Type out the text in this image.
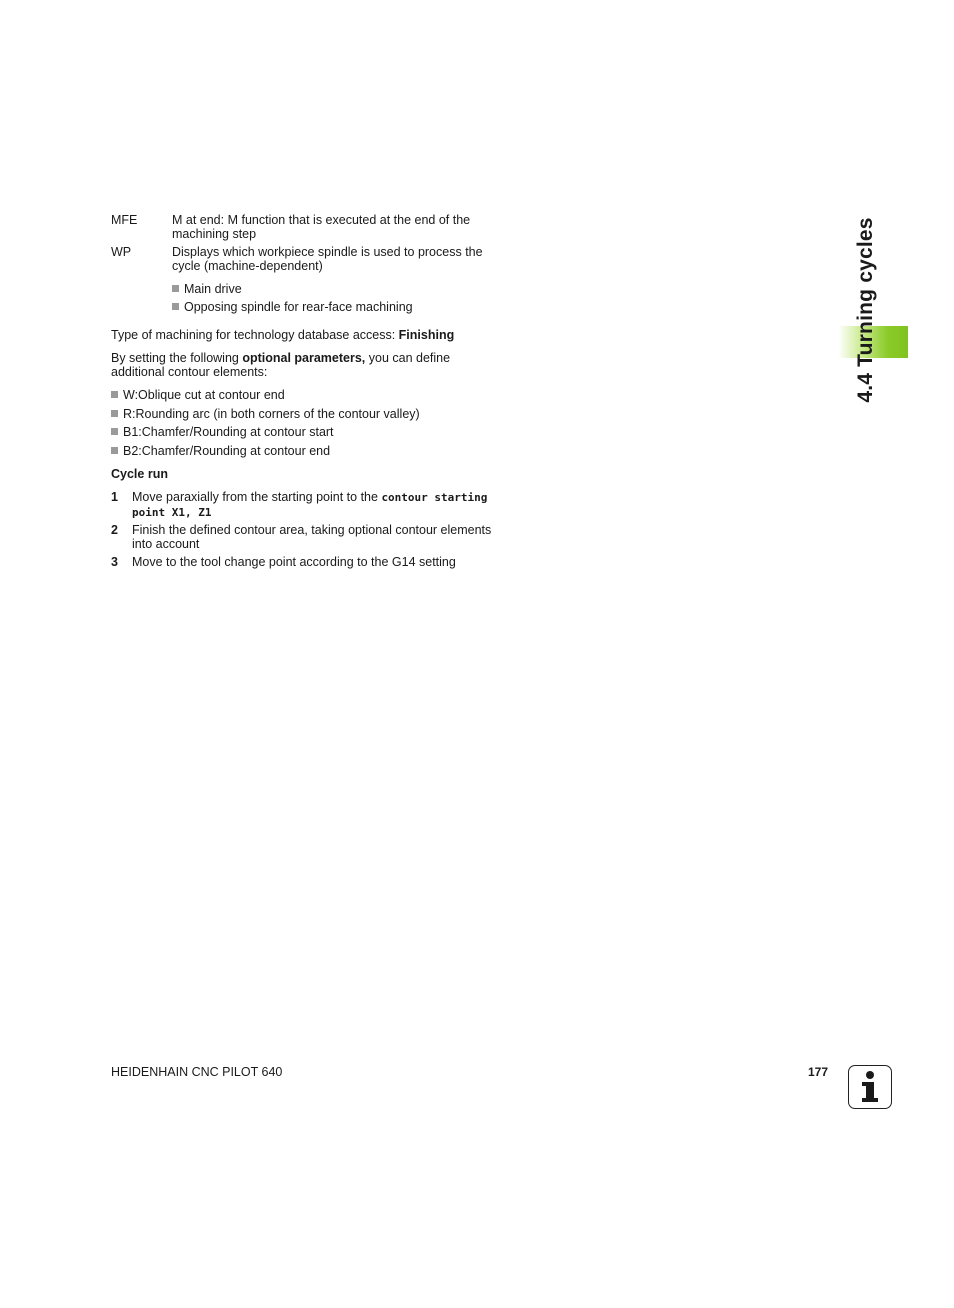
MFE	M at end: M function that is executed at the end of the
machining step
WP	Displays which workpiece spindle is used to process the
cycle (machine-dependent)
Main drive
Opposing spindle for rear-face machining
Type of machining for technology database access: Finishing
By setting the following optional parameters, you can define
additional contour elements:
W:Oblique cut at contour end
R:Rounding arc (in both corners of the contour valley)
B1:Chamfer/Rounding at contour start
B2:Chamfer/Rounding at contour end
Cycle run
1	Move paraxially from the starting point to the contour starting
point X1, Z1
2	Finish the defined contour area, taking optional contour elements
into account
3	Move to the tool change point according to the G14 setting
4.4 Turning cycles
HEIDENHAIN CNC PILOT 640	177
